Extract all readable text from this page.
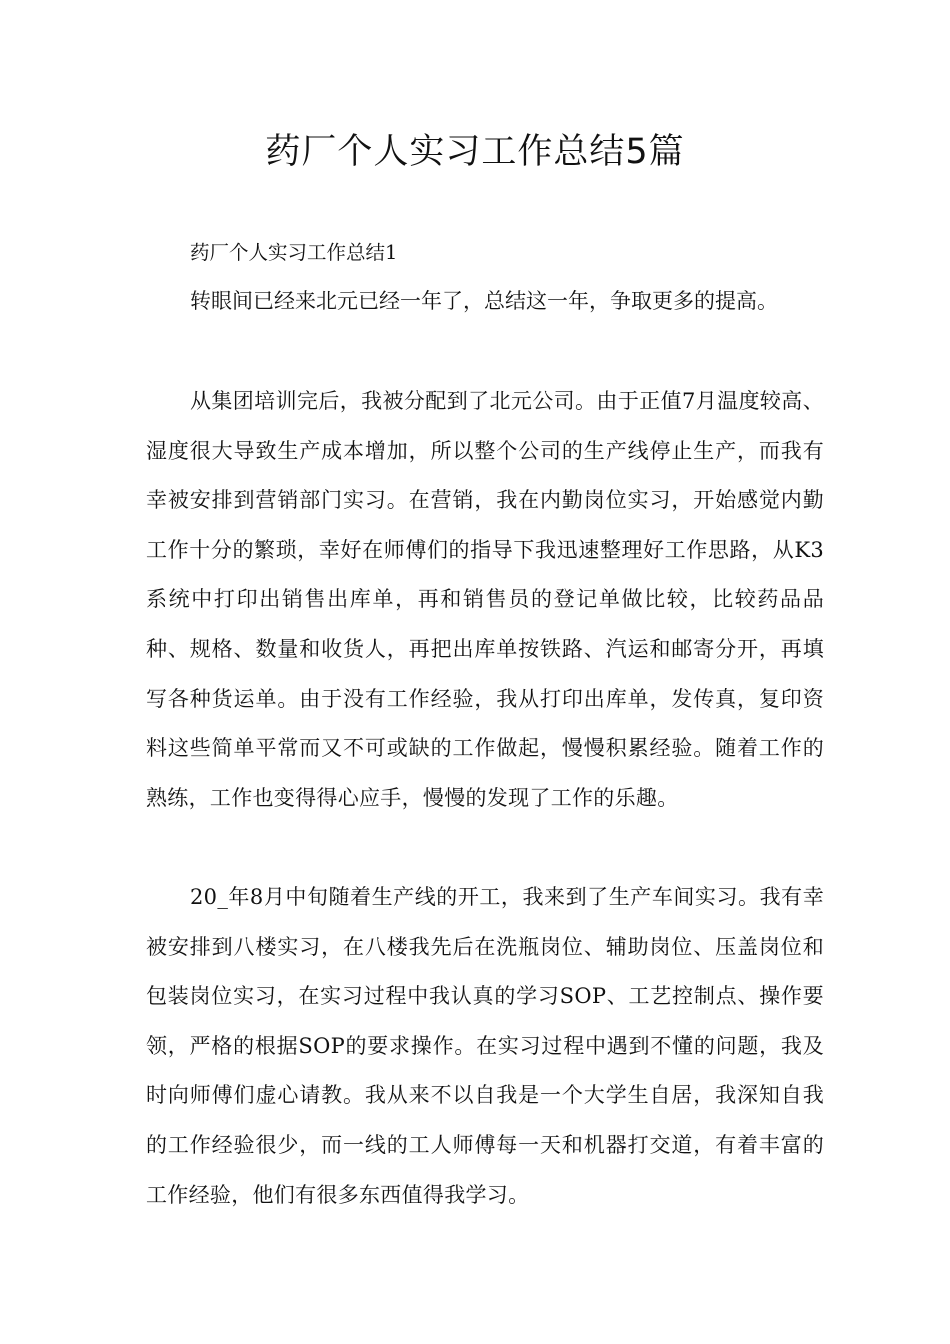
药厂个人实习工作总结5篇
药厂个人实习工作总结1

转眼间已经来北元已经一年了，总结这一年，争取更多的提高。

从集团培训完后，我被分配到了北元公司。由于正值7月温度较高、湿度很大导致生产成本增加，所以整个公司的生产线停止生产，而我有幸被安排到营销部门实习。在营销，我在内勤岗位实习，开始感觉内勤工作十分的繁琐，幸好在师傅们的指导下我迅速整理好工作思路，从K3系统中打印出销售出库单，再和销售员的登记单做比较，比较药品品种、规格、数量和收货人，再把出库单按铁路、汽运和邮寄分开，再填写各种货运单。由于没有工作经验，我从打印出库单，发传真，复印资料这些简单平常而又不可或缺的工作做起，慢慢积累经验。随着工作的熟练，工作也变得得心应手，慢慢的发现了工作的乐趣。

20_年8月中旬随着生产线的开工，我来到了生产车间实习。我有幸被安排到八楼实习，在八楼我先后在洗瓶岗位、辅助岗位、压盖岗位和包装岗位实习，在实习过程中我认真的学习SOP、工艺控制点、操作要领，严格的根据SOP的要求操作。在实习过程中遇到不懂的问题，我及时向师傅们虚心请教。我从来不以自我是一个大学生自居，我深知自我的工作经验很少，而一线的工人师傅每一天和机器打交道，有着丰富的工作经验，他们有很多东西值得我学习。
